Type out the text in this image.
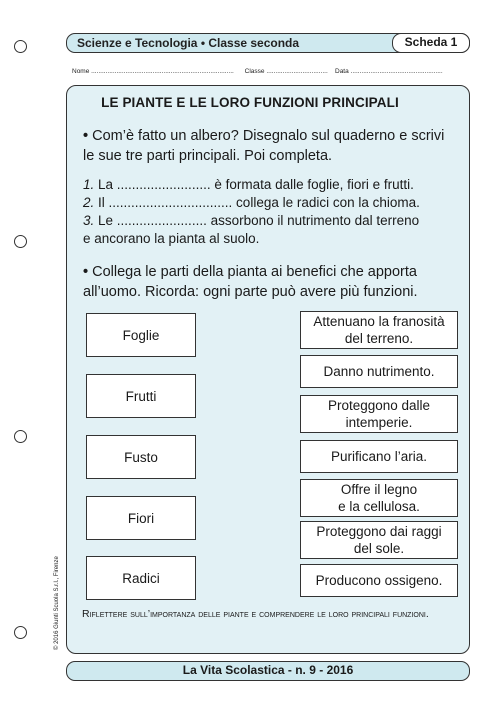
Scienze e Tecnologia • Classe seconda	Scheda 1
Nome ............................................................................... Classe .................................. Data ...................................................
LE PIANTE E LE LORO FUNZIONI PRINCIPALI
• Com’è fatto un albero? Disegnalo sul quaderno e scrivi le sue tre parti principali. Poi completa.
1. La ......................... è formata dalle foglie, fiori e frutti.
2. Il ................................. collega le radici con la chioma.
3. Le ........................ assorbono il nutrimento dal terreno
e ancorano la pianta al suolo.
• Collega le parti della pianta ai benefici che apporta all’uomo. Ricorda: ogni parte può avere più funzioni.
Foglie
Frutti
Fusto
Fiori
Radici
Attenuano la franosità del terreno.
Danno nutrimento.
Proteggono dalle intemperie.
Purificano l’aria.
Offre il legno e la cellulosa.
Proteggono dai raggi del sole.
Producono ossigeno.
Riflettere sull’importanza delle piante e comprendere le loro principali funzioni.
© 2016 Giunti Scuola S.r.l., Firenze
La Vita Scolastica - n. 9 - 2016
